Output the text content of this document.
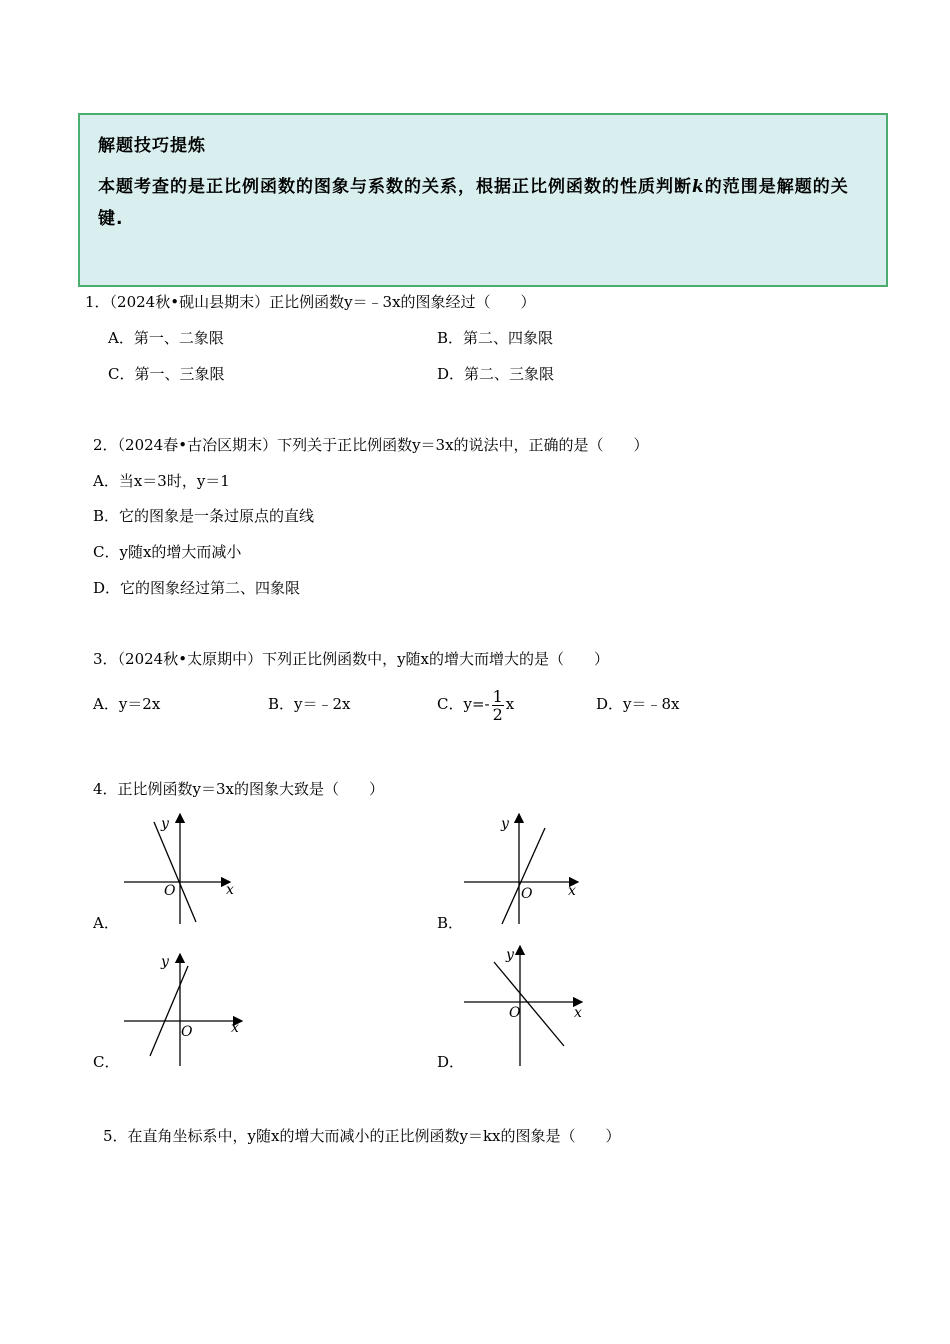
解题技巧提炼
本题考查的是正比例函数的图象与系数的关系，根据正比例函数的性质判断k的范围是解题的关键.
1．（2024秋•砚山县期末）正比例函数y＝﹣3x的图象经过（　　）
A．第一、二象限	B．第二、四象限
C．第一、三象限	D．第二、三象限
2．（2024春•古冶区期末）下列关于正比例函数y＝3x的说法中，正确的是（　　）
A．当x＝3时，y＝1
B．它的图象是一条过原点的直线
C．y随x的增大而减小
D．它的图象经过第二、四象限
3．（2024秋•太原期中）下列正比例函数中，y随x的增大而增大的是（　　）
A．y＝2x	B．y＝﹣2x	C．$y=- \frac{1}{2}$ x	D．y＝﹣8x
4．正比例函数y＝3x的图象大致是（　　）
y
O	x
A．
y
O	x
B．
y
O	x
C．
y
O	x
D．
5．在直角坐标系中，y随x的增大而减小的正比例函数y＝kx的图象是（　　）
